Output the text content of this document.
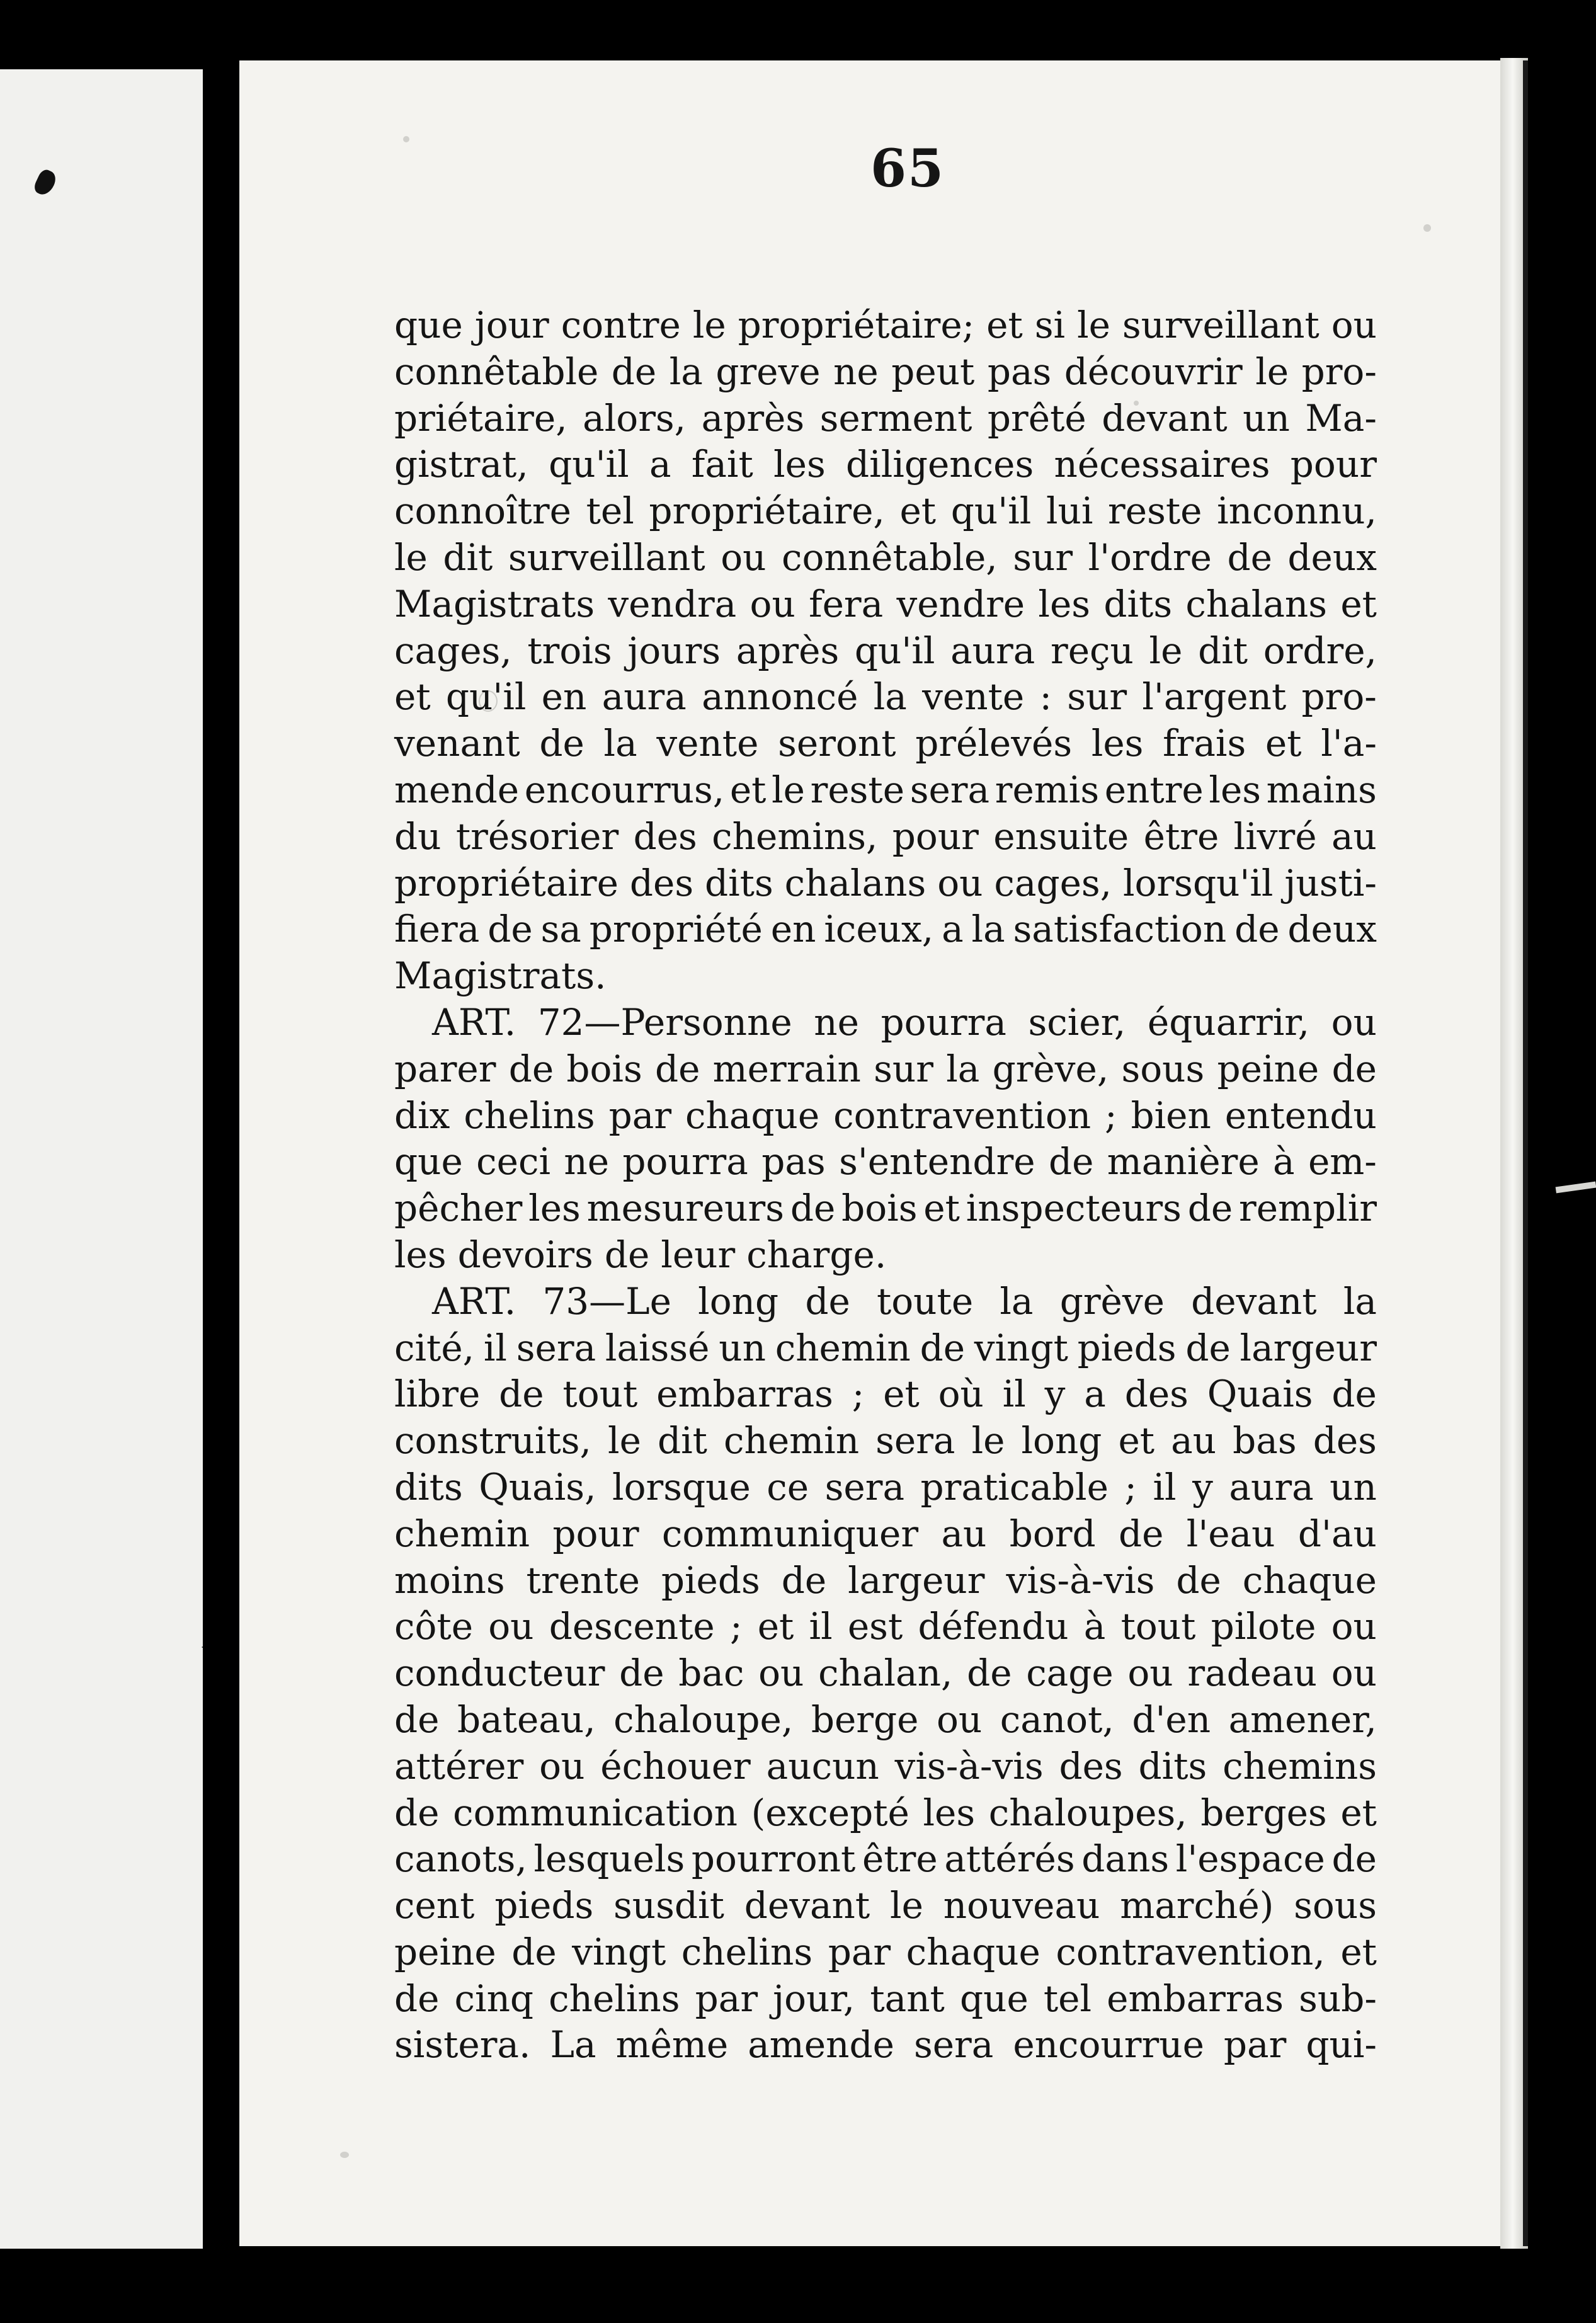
65
que jour contre le propriétaire; et si le surveillant ou
connêtable de la greve ne peut pas découvrir le pro-
priétaire, alors, après serment prêté devant un Ma-
gistrat, qu'il a fait les diligences nécessaires pour
connoître tel propriétaire, et qu'il lui reste inconnu,
le dit surveillant ou connêtable, sur l'ordre de deux
Magistrats vendra ou fera vendre les dits chalans et
cages, trois jours après qu'il aura reçu le dit ordre,
et qu'il en aura annoncé la vente : sur l'argent pro-
venant de la vente seront prélevés les frais et l'a-
mende encourrus, et le reste sera remis entre les mains
du trésorier des chemins, pour ensuite être livré au
propriétaire des dits chalans ou cages, lorsqu'il justi-
fiera de sa propriété en iceux, a la satisfaction de deux
Magistrats.
ART. 72—Personne ne pourra scier, équarrir, ou
parer de bois de merrain sur la grève, sous peine de
dix chelins par chaque contravention ; bien entendu
que ceci ne pourra pas s'entendre de manière à em-
pêcher les mesureurs de bois et inspecteurs de remplir
les devoirs de leur charge.
ART. 73—Le long de toute la grève devant la
cité, il sera laissé un chemin de vingt pieds de largeur
libre de tout embarras ; et où il y a des Quais de
construits, le dit chemin sera le long et au bas des
dits Quais, lorsque ce sera praticable ; il y aura un
chemin pour communiquer au bord de l'eau d'au
moins trente pieds de largeur vis-à-vis de chaque
côte ou descente ; et il est défendu à tout pilote ou
conducteur de bac ou chalan, de cage ou radeau ou
de bateau, chaloupe, berge ou canot, d'en amener,
attérer ou échouer aucun vis-à-vis des dits chemins
de communication (excepté les chaloupes, berges et
canots, lesquels pourront être attérés dans l'espace de
cent pieds susdit devant le nouveau marché) sous
peine de vingt chelins par chaque contravention, et
de cinq chelins par jour, tant que tel embarras sub-
sistera. La même amende sera encourrue par qui-
